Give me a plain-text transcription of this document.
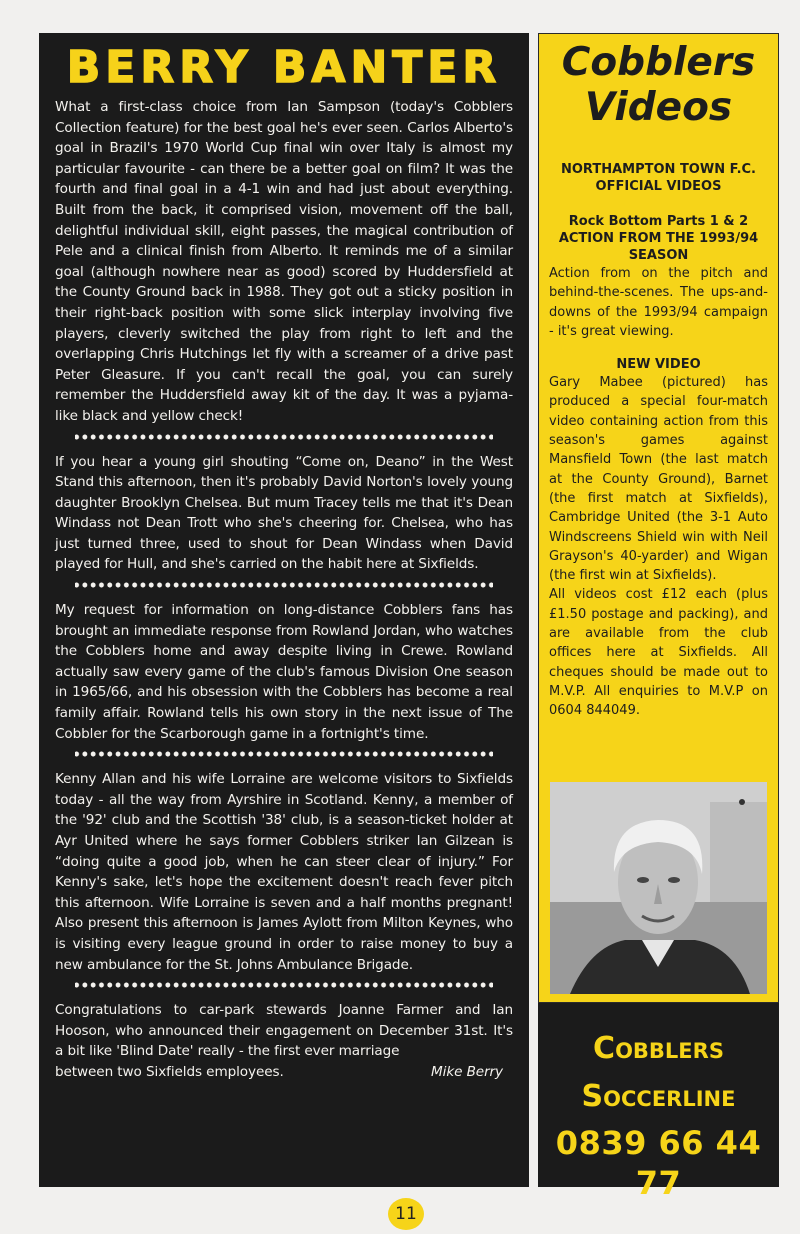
BERRY BANTER

What a first-class choice from Ian Sampson (today's Cobblers Collection feature) for the best goal he's ever seen. Carlos Alberto's goal in Brazil's 1970 World Cup final win over Italy is almost my particular favourite - can there be a better goal on film? It was the fourth and final goal in a 4-1 win and had just about everything. Built from the back, it comprised vision, movement off the ball, delightful individual skill, eight passes, the magical contribution of Pele and a clinical finish from Alberto. It reminds me of a similar goal (although nowhere near as good) scored by Huddersfield at the County Ground back in 1988. They got out a sticky position in their right-back position with some slick interplay involving five players, cleverly switched the play from right to left and the overlapping Chris Hutchings let fly with a screamer of a drive past Peter Gleasure. If you can't recall the goal, you can surely remember the Huddersfield away kit of the day. It was a pyjama-like black and yellow check!

If you hear a young girl shouting “Come on, Deano” in the West Stand this afternoon, then it's probably David Norton's lovely young daughter Brooklyn Chelsea. But mum Tracey tells me that it's Dean Windass not Dean Trott who she's cheering for. Chelsea, who has just turned three, used to shout for Dean Windass when David played for Hull, and she's carried on the habit here at Sixfields.

My request for information on long-distance Cobblers fans has brought an immediate response from Rowland Jordan, who watches the Cobblers home and away despite living in Crewe. Rowland actually saw every game of the club's famous Division One season in 1965/66, and his obsession with the Cobblers has become a real family affair. Rowland tells his own story in the next issue of The Cobbler for the Scarborough game in a fortnight's time.

Kenny Allan and his wife Lorraine are welcome visitors to Sixfields today - all the way from Ayrshire in Scotland. Kenny, a member of the '92' club and the Scottish '38' club, is a season-ticket holder at Ayr United where he says former Cobblers striker Ian Gilzean is “doing quite a good job, when he can steer clear of injury.” For Kenny's sake, let's hope the excitement doesn't reach fever pitch this afternoon. Wife Lorraine is seven and a half months pregnant! Also present this afternoon is James Aylott from Milton Keynes, who is visiting every league ground in order to raise money to buy a new ambulance for the St. Johns Ambulance Brigade.

Congratulations to car-park stewards Joanne Farmer and Ian Hooson, who announced their engagement on December 31st. It's a bit like 'Blind Date' really - the first ever marriage

between two Sixfields employees.	Mike Berry
Cobblers
Videos

NORTHAMPTON TOWN F.C. OFFICIAL VIDEOS

Rock Bottom Parts 1 & 2 ACTION FROM THE 1993/94 SEASON

Action from on the pitch and behind-the-scenes. The ups-and-downs of the 1993/94 campaign - it's great viewing.

NEW VIDEO

Gary Mabee (pictured) has produced a special four-match video containing action from this season's games against Mansfield Town (the last match at the County Ground), Barnet (the first match at Sixfields), Cambridge United (the 3-1 Auto Windscreens Shield win with Neil Grayson's 40-yarder) and Wigan (the first win at Sixfields).

All videos cost £12 each (plus £1.50 postage and packing), and are available from the club offices here at Sixfields. All cheques should be made out to M.V.P. All enquiries to M.V.P on 0604 844049.

Cobblers
Soccerline
0839 66 44 77
11
